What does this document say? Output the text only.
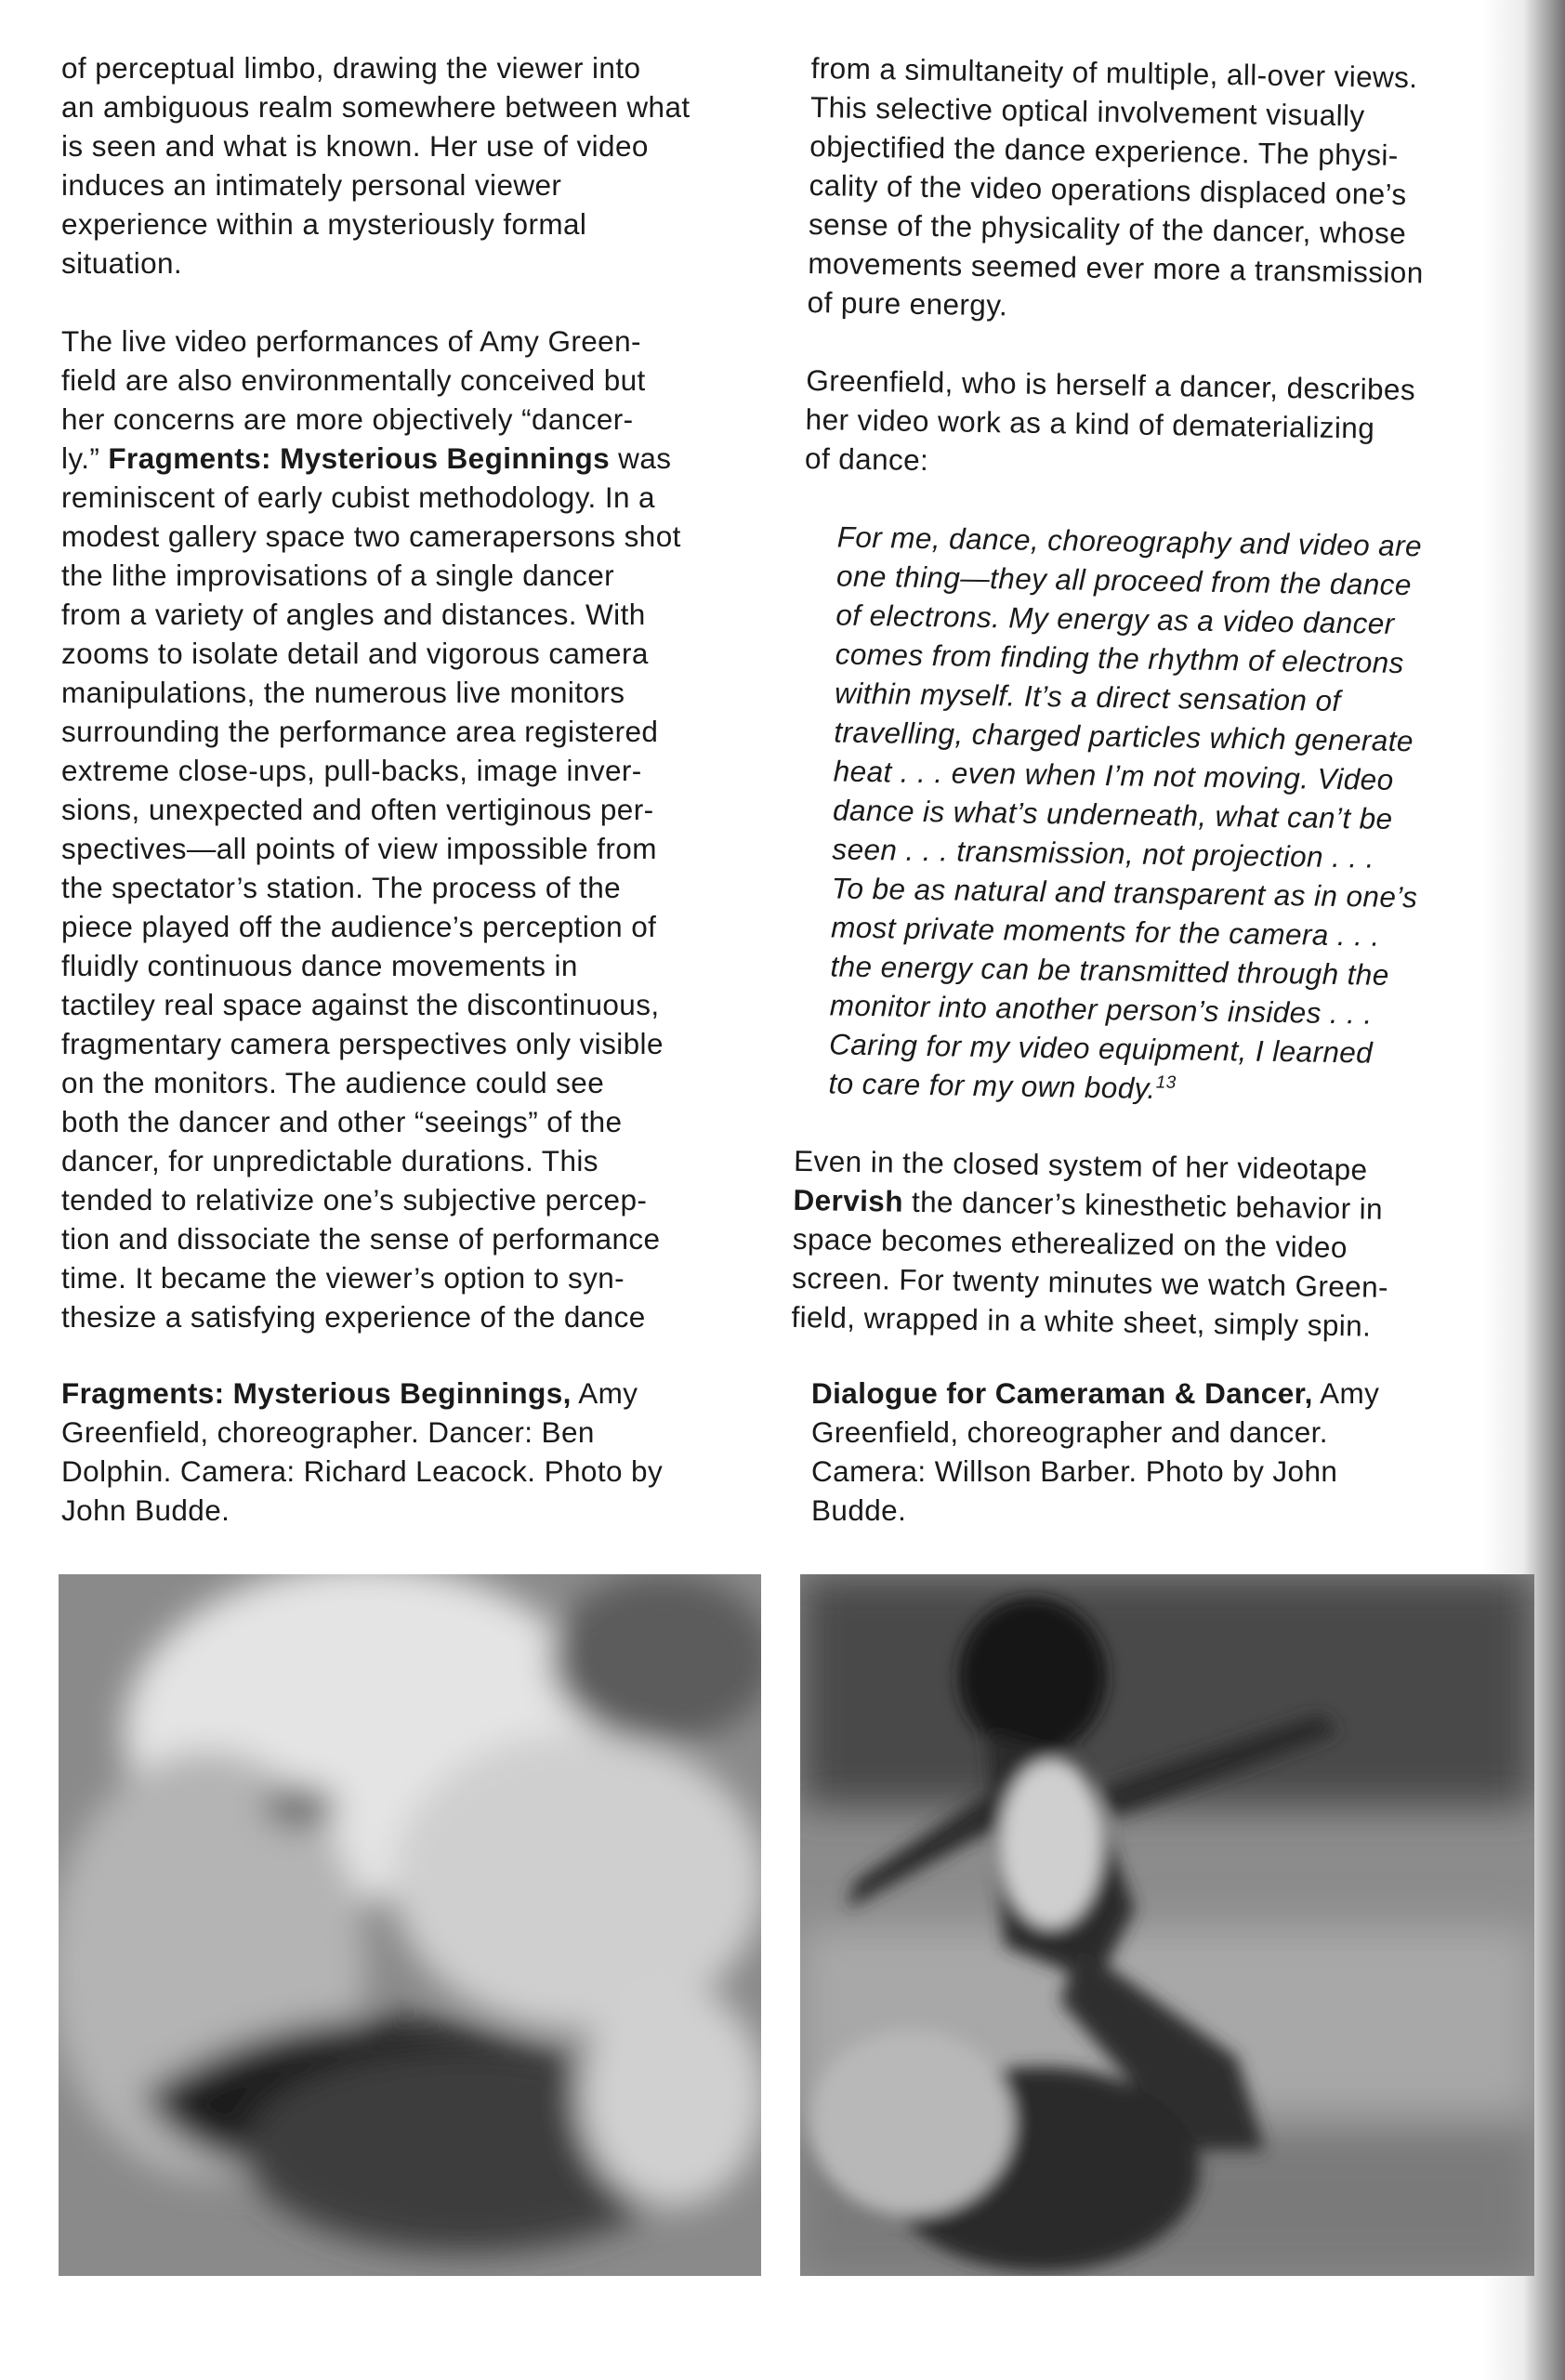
of perceptual limbo, drawing the viewer into
an ambiguous realm somewhere between what
is seen and what is known. Her use of video
induces an intimately personal viewer
experience within a mysteriously formal
situation.

The live video performances of Amy Green-
field are also environmentally conceived but
her concerns are more objectively “dancer-
ly.” Fragments: Mysterious Beginnings was
reminiscent of early cubist methodology. In a
modest gallery space two camerapersons shot
the lithe improvisations of a single dancer
from a variety of angles and distances. With
zooms to isolate detail and vigorous camera
manipulations, the numerous live monitors
surrounding the performance area registered
extreme close-ups, pull-backs, image inver-
sions, unexpected and often vertiginous per-
spectives—all points of view impossible from
the spectator’s station. The process of the
piece played off the audience’s perception of
fluidly continuous dance movements in
tactiley real space against the discontinuous,
fragmentary camera perspectives only visible
on the monitors. The audience could see
both the dancer and other “seeings” of the
dancer, for unpredictable durations. This
tended to relativize one’s subjective percep-
tion and dissociate the sense of performance
time. It became the viewer’s option to syn-
thesize a satisfying experience of the dance

from a simultaneity of multiple, all-over views.
This selective optical involvement visually
objectified the dance experience. The physi-
cality of the video operations displaced one’s
sense of the physicality of the dancer, whose
movements seemed ever more a transmission
of pure energy.

Greenfield, who is herself a dancer, describes
her video work as a kind of dematerializing
of dance:

For me, dance, choreography and video are
one thing—they all proceed from the dance
of electrons. My energy as a video dancer
comes from finding the rhythm of electrons
within myself. It’s a direct sensation of
travelling, charged particles which generate
heat . . . even when I’m not moving. Video
dance is what’s underneath, what can’t be
seen . . . transmission, not projection . . .
To be as natural and transparent as in one’s
most private moments for the camera . . .
the energy can be transmitted through the
monitor into another person’s insides . . .
Caring for my video equipment, I learned
to care for my own body.$^{13}$

Even in the closed system of her videotape
Dervish the dancer’s kinesthetic behavior in
space becomes etherealized on the video
screen. For twenty minutes we watch Green-
field, wrapped in a white sheet, simply spin.

Fragments: Mysterious Beginnings, Amy
Greenfield, choreographer. Dancer: Ben
Dolphin. Camera: Richard Leacock. Photo by
John Budde.
Dialogue for Cameraman & Dancer, Amy
Greenfield, choreographer and dancer.
Camera: Willson Barber. Photo by John
Budde.
